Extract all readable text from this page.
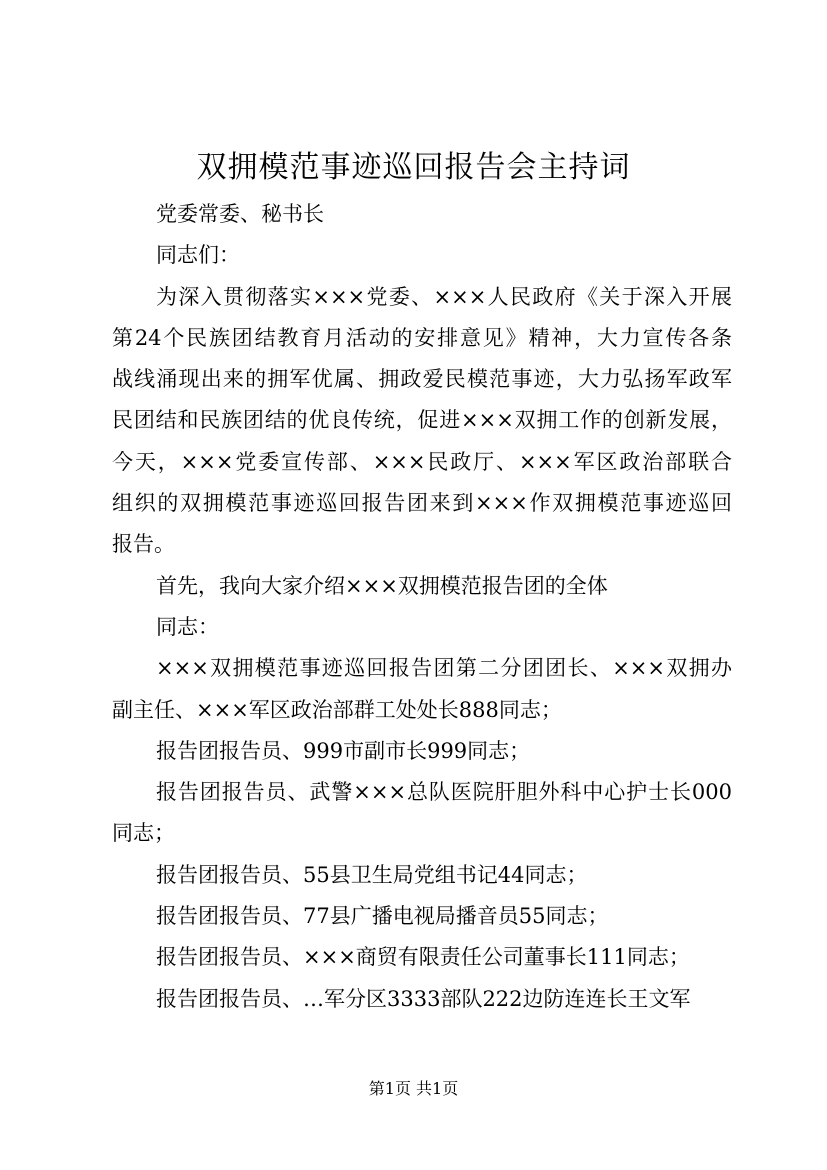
双拥模范事迹巡回报告会主持词
党委常委、秘书长
同志们：
为深入贯彻落实×××党委、×××人民政府《关于深入开展
第24个民族团结教育月活动的安排意见》精神，大力宣传各条
战线涌现出来的拥军优属、拥政爱民模范事迹，大力弘扬军政军
民团结和民族团结的优良传统，促进×××双拥工作的创新发展，
今天，×××党委宣传部、×××民政厅、×××军区政治部联合
组织的双拥模范事迹巡回报告团来到×××作双拥模范事迹巡回
报告。
首先，我向大家介绍×××双拥模范报告团的全体
同志：
×××双拥模范事迹巡回报告团第二分团团长、×××双拥办
副主任、×××军区政治部群工处处长888同志；
报告团报告员、999市副市长999同志；
报告团报告员、武警×××总队医院肝胆外科中心护士长000
同志；
报告团报告员、55县卫生局党组书记44同志；
报告团报告员、77县广播电视局播音员55同志；
报告团报告员、×××商贸有限责任公司董事长111同志；
报告团报告员、…军分区3333部队222边防连连长王文军
第1页 共1页
